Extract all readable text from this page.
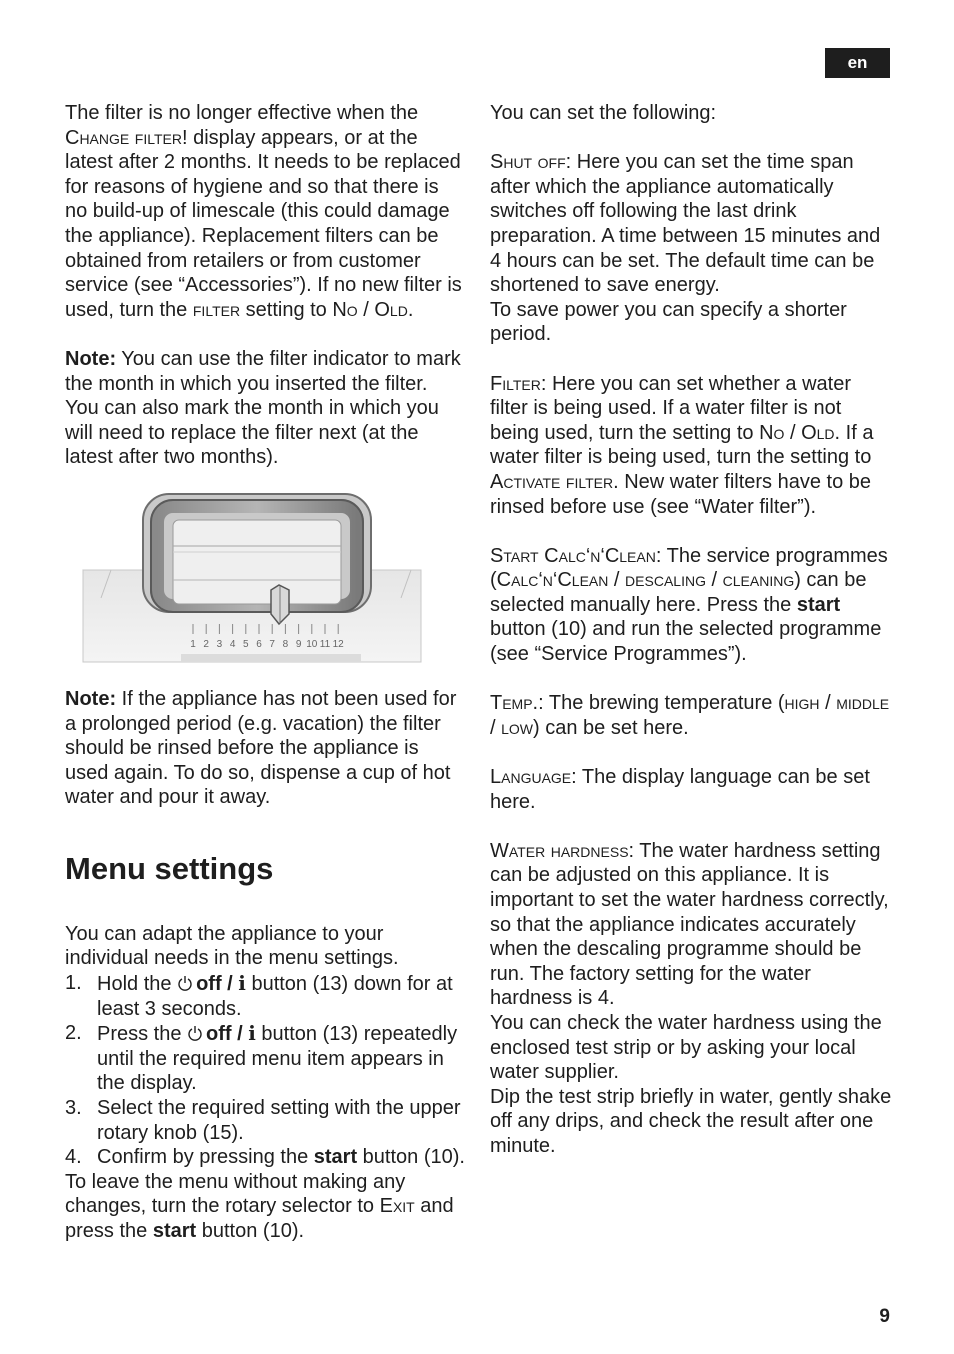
en

The filter is no longer effective when the Change filter! display appears, or at the latest after 2 months. It needs to be replaced for reasons of hygiene and so that there is no build-up of limescale (this could damage the appliance). Replacement filters can be obtained from retailers or from customer service (see “Accessories”). If no new filter is used, turn the filter setting to No / Old.

Note: You can use the filter indicator to mark the month in which you inserted the filter. You can also mark the month in which you will need to replace the filter next (at the latest after two months).

1 2 3 4 5 6 7 8 9 10 11 12

Note: If the appliance has not been used for a prolonged period (e.g. vacation) the filter should be rinsed before the appliance is used again. To do so, dispense a cup of hot water and pour it away.

Menu settings

You can adapt the appliance to your individual needs in the menu settings.

1. Hold the off / i button (13) down for at least 3 seconds.
2. Press the off / i button (13) repeatedly until the required menu item appears in the display.
3. Select the required setting with the upper rotary knob (15).
4. Confirm by pressing the start button (10).

To leave the menu without making any changes, turn the rotary selector to Exit and press the start button (10).

You can set the following:

Shut off: Here you can set the time span after which the appliance automatically switches off following the last drink preparation. A time between 15 minutes and 4 hours can be set. The default time can be shortened to save energy.

To save power you can specify a shorter period.

Filter: Here you can set whether a water filter is being used. If a water filter is not being used, turn the setting to No / Old. If a water filter is being used, turn the setting to Activate filter. New water filters have to be rinsed before use (see “Water filter”).

Start Calc‘n‘Clean: The service programmes (Calc‘n‘Clean / descaling / cleaning) can be selected manually here. Press the start button (10) and run the selected programme (see “Service Programmes”).

Temp.: The brewing temperature (high / middle / low) can be set here.

Language: The display language can be set here.

Water hardness: The water hardness setting can be adjusted on this appliance. It is important to set the water hardness correctly, so that the appliance indicates accurately when the descaling programme should be run. The factory setting for the water hardness is 4.

You can check the water hardness using the enclosed test strip or by asking your local water supplier.

Dip the test strip briefly in water, gently shake off any drips, and check the result after one minute.

9
